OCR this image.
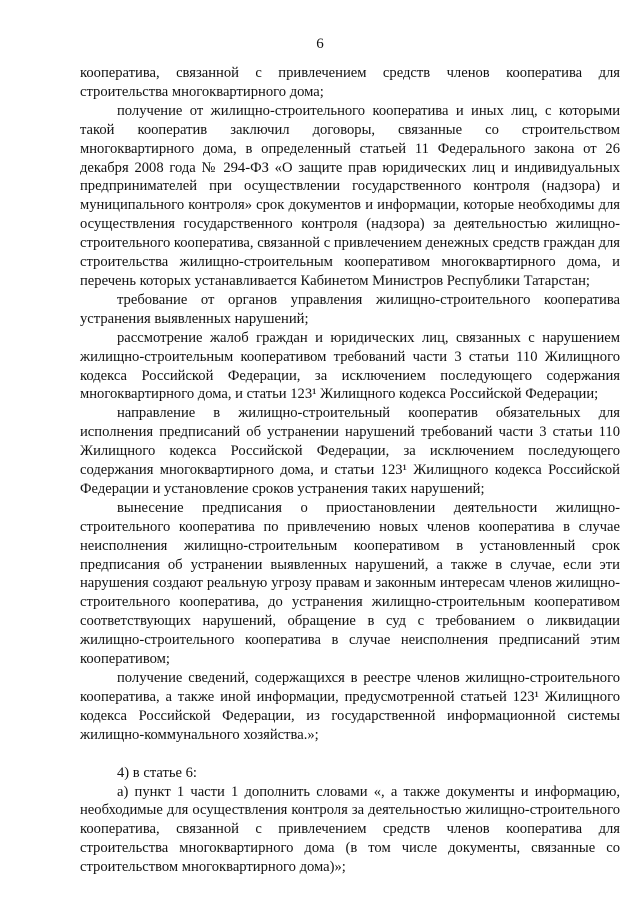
6

кооператива, связанной с привлечением средств членов кооператива для строительства многоквартирного дома;

получение от жилищно-строительного кооператива и иных лиц, с которыми такой кооператив заключил договоры, связанные со строительством многоквартирного дома, в определенный статьей 11 Федерального закона от 26 декабря 2008 года № 294-ФЗ «О защите прав юридических лиц и индивидуальных предпринимателей при осуществлении государственного контроля (надзора) и муниципального контроля» срок документов и информации, которые необходимы для осуществления государственного контроля (надзора) за деятельностью жилищно-строительного кооператива, связанной с привлечением денежных средств граждан для строительства жилищно-строительным кооперативом многоквартирного дома, и перечень которых устанавливается Кабинетом Министров Республики Татарстан;

требование от органов управления жилищно-строительного кооператива устранения выявленных нарушений;

рассмотрение жалоб граждан и юридических лиц, связанных с нарушением жилищно-строительным кооперативом требований части 3 статьи 110 Жилищного кодекса Российской Федерации, за исключением последующего содержания многоквартирного дома, и статьи 123¹ Жилищного кодекса Российской Федерации;

направление в жилищно-строительный кооператив обязательных для исполнения предписаний об устранении нарушений требований части 3 статьи 110 Жилищного кодекса Российской Федерации, за исключением последующего содержания многоквартирного дома, и статьи 123¹ Жилищного кодекса Российской Федерации и установление сроков устранения таких нарушений;

вынесение предписания о приостановлении деятельности жилищно-строительного кооператива по привлечению новых членов кооператива в случае неисполнения жилищно-строительным кооперативом в установленный срок предписания об устранении выявленных нарушений, а также в случае, если эти нарушения создают реальную угрозу правам и законным интересам членов жилищно-строительного кооператива, до устранения жилищно-строительным кооперативом соответствующих нарушений, обращение в суд с требованием о ликвидации жилищно-строительного кооператива в случае неисполнения предписаний этим кооперативом;

получение сведений, содержащихся в реестре членов жилищно-строительного кооператива, а также иной информации, предусмотренной статьей 123¹ Жилищного кодекса Российской Федерации, из государственной информационной системы жилищно-коммунального хозяйства.»;

4) в статье 6:

а) пункт 1 части 1 дополнить словами «, а также документы и информацию, необходимые для осуществления контроля за деятельностью жилищно-строительного кооператива, связанной с привлечением средств членов кооператива для строительства многоквартирного дома (в том числе документы, связанные со строительством многоквартирного дома)»;
